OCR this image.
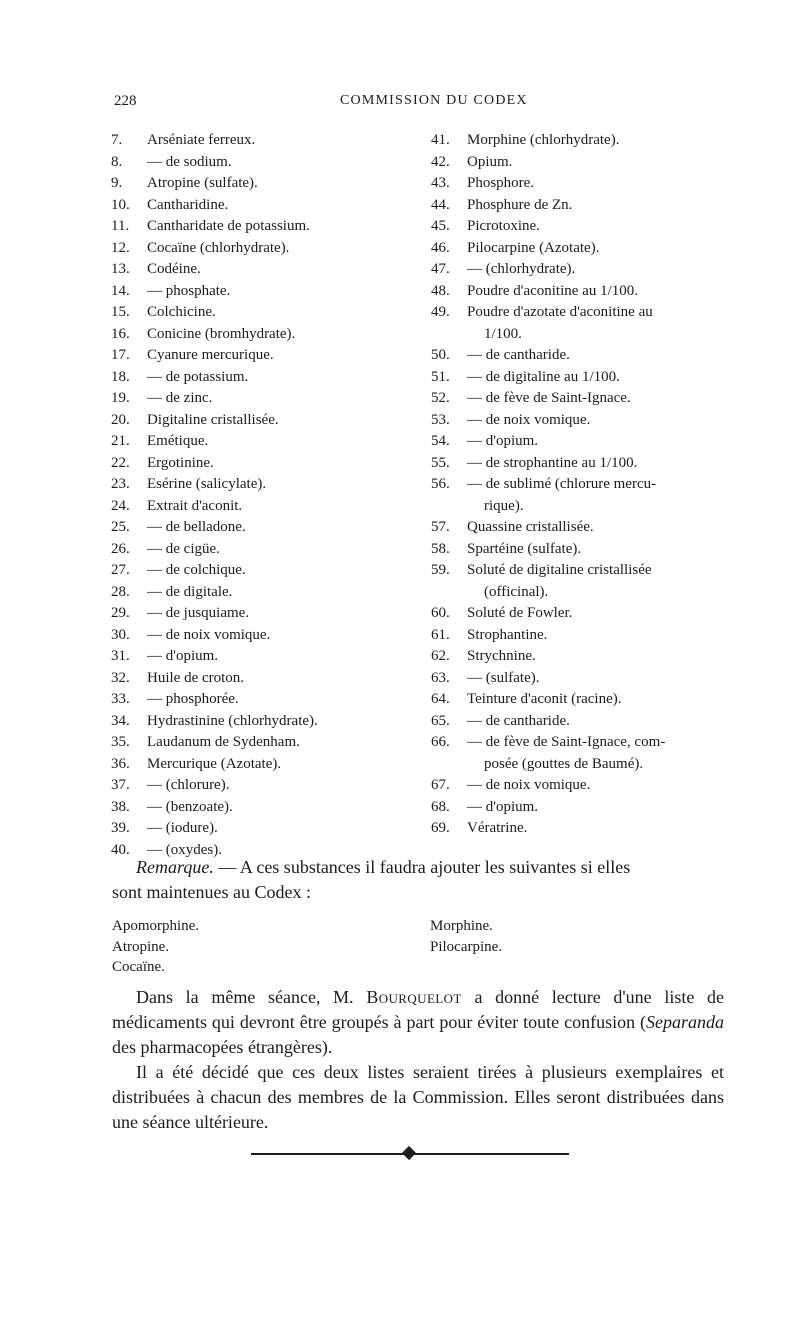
228	COMMISSION DU CODEX
7.	Arséniate ferreux.
8.	— de sodium.
9.	Atropine (sulfate).
10.	Cantharidine.
11.	Cantharidate de potassium.
12.	Cocaïne (chlorhydrate).
13.	Codéine.
14.	— phosphate.
15.	Colchicine.
16.	Conicine (bromhydrate).
17.	Cyanure mercurique.
18.	— de potassium.
19.	— de zinc.
20.	Digitaline cristallisée.
21.	Emétique.
22.	Ergotinine.
23.	Esérine (salicylate).
24.	Extrait d'aconit.
25.	— de belladone.
26.	— de cigüe.
27.	— de colchique.
28.	— de digitale.
29.	— de jusquiame.
30.	— de noix vomique.
31.	— d'opium.
32.	Huile de croton.
33.	— phosphorée.
34.	Hydrastinine (chlorhydrate).
35.	Laudanum de Sydenham.
36.	Mercurique (Azotate).
37.	— (chlorure).
38.	— (benzoate).
39.	— (iodure).
40.	— (oxydes).
41.	Morphine (chlorhydrate).
42.	Opium.
43.	Phosphore.
44.	Phosphure de Zn.
45.	Picrotoxine.
46.	Pilocarpine (Azotate).
47.	— (chlorhydrate).
48.	Poudre d'aconitine au 1/100.
49.	Poudre d'azotate d'aconitine au
1/100.
50.	— de cantharide.
51.	— de digitaline au 1/100.
52.	— de fève de Saint-Ignace.
53.	— de noix vomique.
54.	— d'opium.
55.	— de strophantine au 1/100.
56.	— de sublimé (chlorure mercu-
rique).
57.	Quassine cristallisée.
58.	Spartéine (sulfate).
59.	Soluté de digitaline cristallisée
(officinal).
60.	Soluté de Fowler.
61.	Strophantine.
62.	Strychnine.
63.	— (sulfate).
64.	Teinture d'aconit (racine).
65.	— de cantharide.
66.	— de fève de Saint-Ignace, com-
posée (gouttes de Baumé).
67.	— de noix vomique.
68.	— d'opium.
69.	Vératrine.
Remarque. — A ces substances il faudra ajouter les suivantes si elles
sont maintenues au Codex :
Apomorphine.
Atropine.
Cocaïne.
Morphine.
Pilocarpine.

Dans la même séance, M. Bourquelot a donné lecture d'une liste de médicaments qui devront être groupés à part pour éviter toute confusion (Separanda des pharmacopées étrangères).

Il a été décidé que ces deux listes seraient tirées à plusieurs exemplaires et distribuées à chacun des membres de la Commission. Elles seront distribuées dans une séance ultérieure.
